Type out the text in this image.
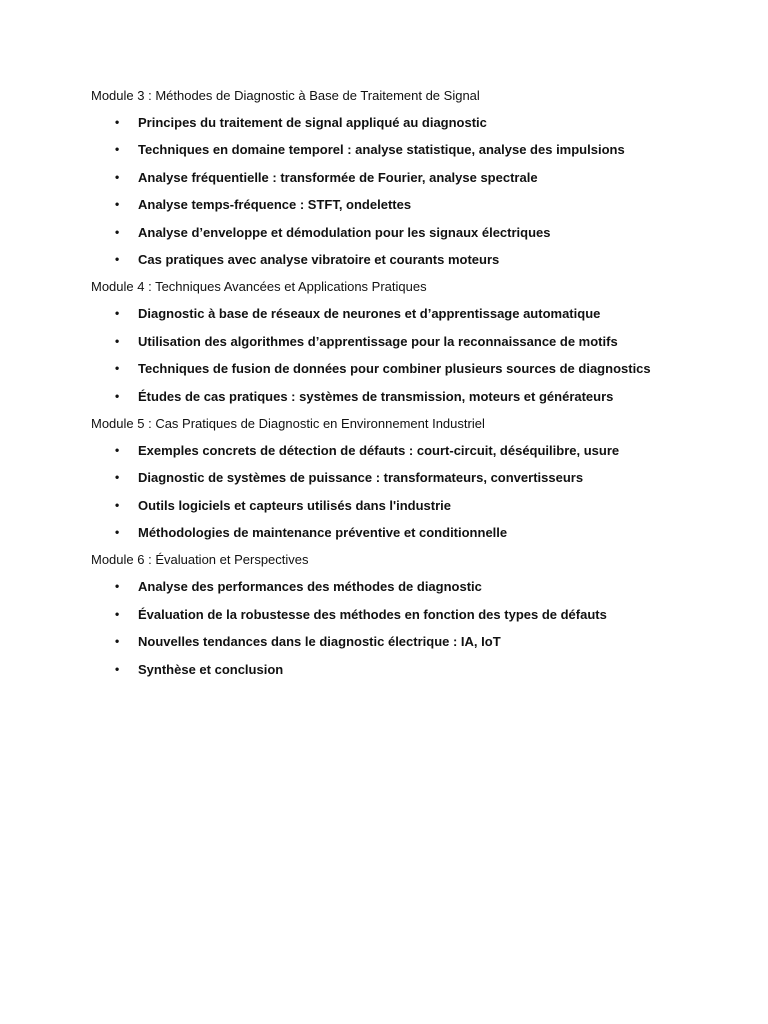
Module 3 : Méthodes de Diagnostic à Base de Traitement de Signal
• Principes du traitement de signal appliqué au diagnostic
• Techniques en domaine temporel : analyse statistique, analyse des impulsions
• Analyse fréquentielle : transformée de Fourier, analyse spectrale
• Analyse temps-fréquence : STFT, ondelettes
• Analyse d’enveloppe et démodulation pour les signaux électriques
• Cas pratiques avec analyse vibratoire et courants moteurs
Module 4 : Techniques Avancées et Applications Pratiques
• Diagnostic à base de réseaux de neurones et d’apprentissage automatique
• Utilisation des algorithmes d’apprentissage pour la reconnaissance de motifs
• Techniques de fusion de données pour combiner plusieurs sources de diagnostics
• Études de cas pratiques : systèmes de transmission, moteurs et générateurs
Module 5 : Cas Pratiques de Diagnostic en Environnement Industriel
• Exemples concrets de détection de défauts : court-circuit, déséquilibre, usure
• Diagnostic de systèmes de puissance : transformateurs, convertisseurs
• Outils logiciels et capteurs utilisés dans l'industrie
• Méthodologies de maintenance préventive et conditionnelle
Module 6 : Évaluation et Perspectives
• Analyse des performances des méthodes de diagnostic
• Évaluation de la robustesse des méthodes en fonction des types de défauts
• Nouvelles tendances dans le diagnostic électrique : IA, IoT
• Synthèse et conclusion
